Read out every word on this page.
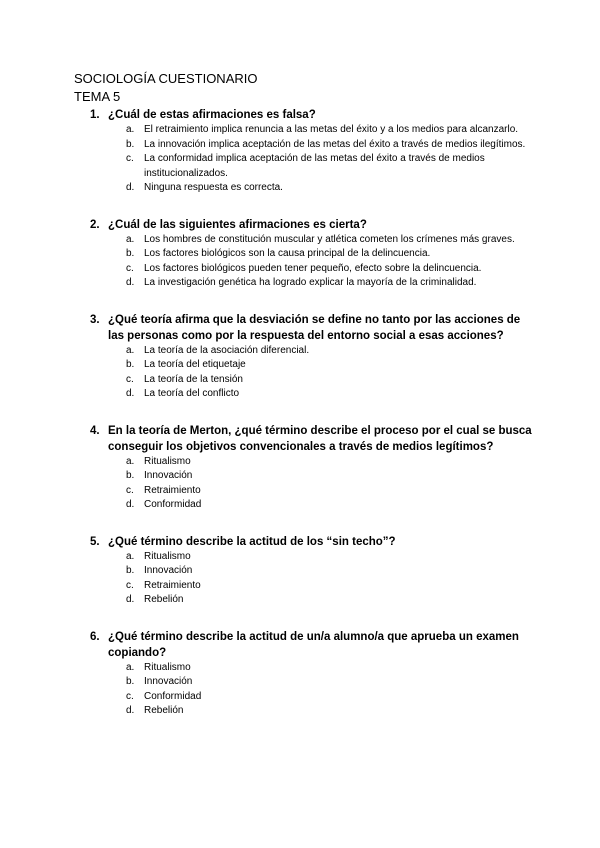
SOCIOLOGÍA CUESTIONARIO
TEMA 5
1. ¿Cuál de estas afirmaciones es falsa?
a. El retraimiento implica renuncia a las metas del éxito y a los medios para alcanzarlo.
b. La innovación implica aceptación de las metas del éxito a través de medios ilegítimos.
c. La conformidad implica aceptación de las metas del éxito a través de medios institucionalizados.
d. Ninguna respuesta es correcta.
2. ¿Cuál de las siguientes afirmaciones es cierta?
a. Los hombres de constitución muscular y atlética cometen los crímenes más graves.
b. Los factores biológicos son la causa principal de la delincuencia.
c. Los factores biológicos pueden tener pequeño, efecto sobre la delincuencia.
d. La investigación genética ha logrado explicar la mayoría de la criminalidad.
3. ¿Qué teoría afirma que la desviación se define no tanto por las acciones de las personas como por la respuesta del entorno social a esas acciones?
a. La teoría de la asociación diferencial.
b. La teoría del etiquetaje
c. La teoría de la tensión
d. La teoría del conflicto
4. En la teoría de Merton, ¿qué término describe el proceso por el cual se busca conseguir los objetivos convencionales a través de medios legítimos?
a. Ritualismo
b. Innovación
c. Retraimiento
d. Conformidad
5. ¿Qué término describe la actitud de los “sin techo”?
a. Ritualismo
b. Innovación
c. Retraimiento
d. Rebelión
6. ¿Qué término describe la actitud de un/a alumno/a que aprueba un examen copiando?
a. Ritualismo
b. Innovación
c. Conformidad
d. Rebelión
